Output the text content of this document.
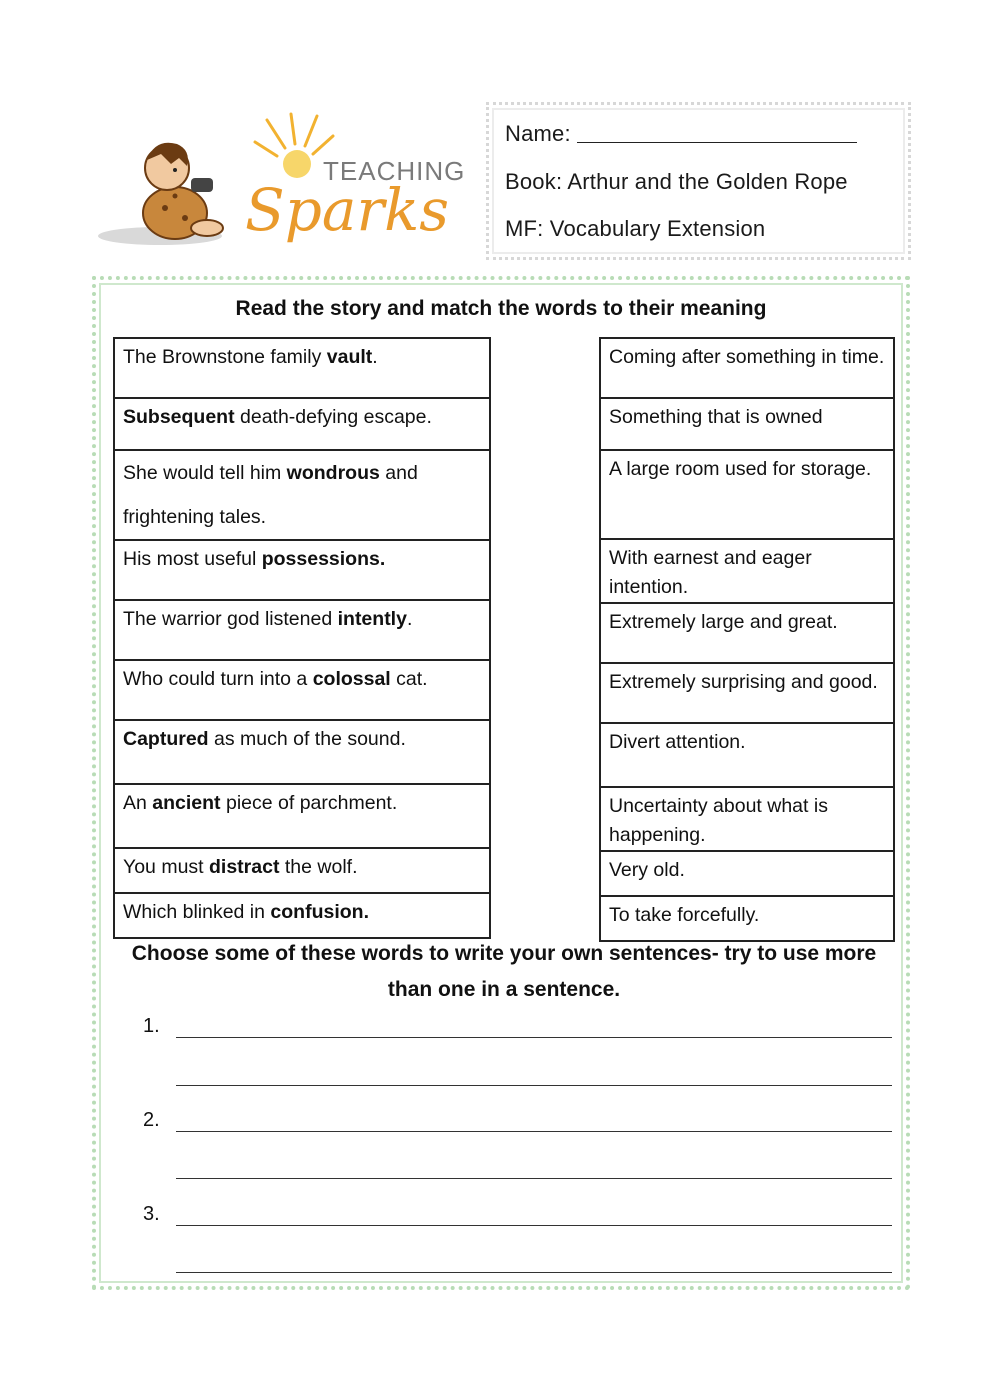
TEACHING
Sparks
Name:
Book: Arthur and the Golden Rope
MF: Vocabulary Extension
Read the story and match the words to their meaning
The Brownstone family vault.
Subsequent death-defying escape.
She would tell him wondrous and frightening tales.
His most useful possessions.
The warrior god listened intently.
Who could turn into a colossal cat.
Captured as much of the sound.
An ancient piece of parchment.
You must distract the wolf.
Which blinked in confusion.
Coming after something in time.
Something that is owned
A large room used for storage.
With earnest and eager intention.
Extremely large and great.
Extremely surprising and good.
Divert attention.
Uncertainty about what is happening.
Very old.
To take forcefully.
Choose some of these words to write your own sentences- try to use more than one in a sentence.
1.
2.
3.
